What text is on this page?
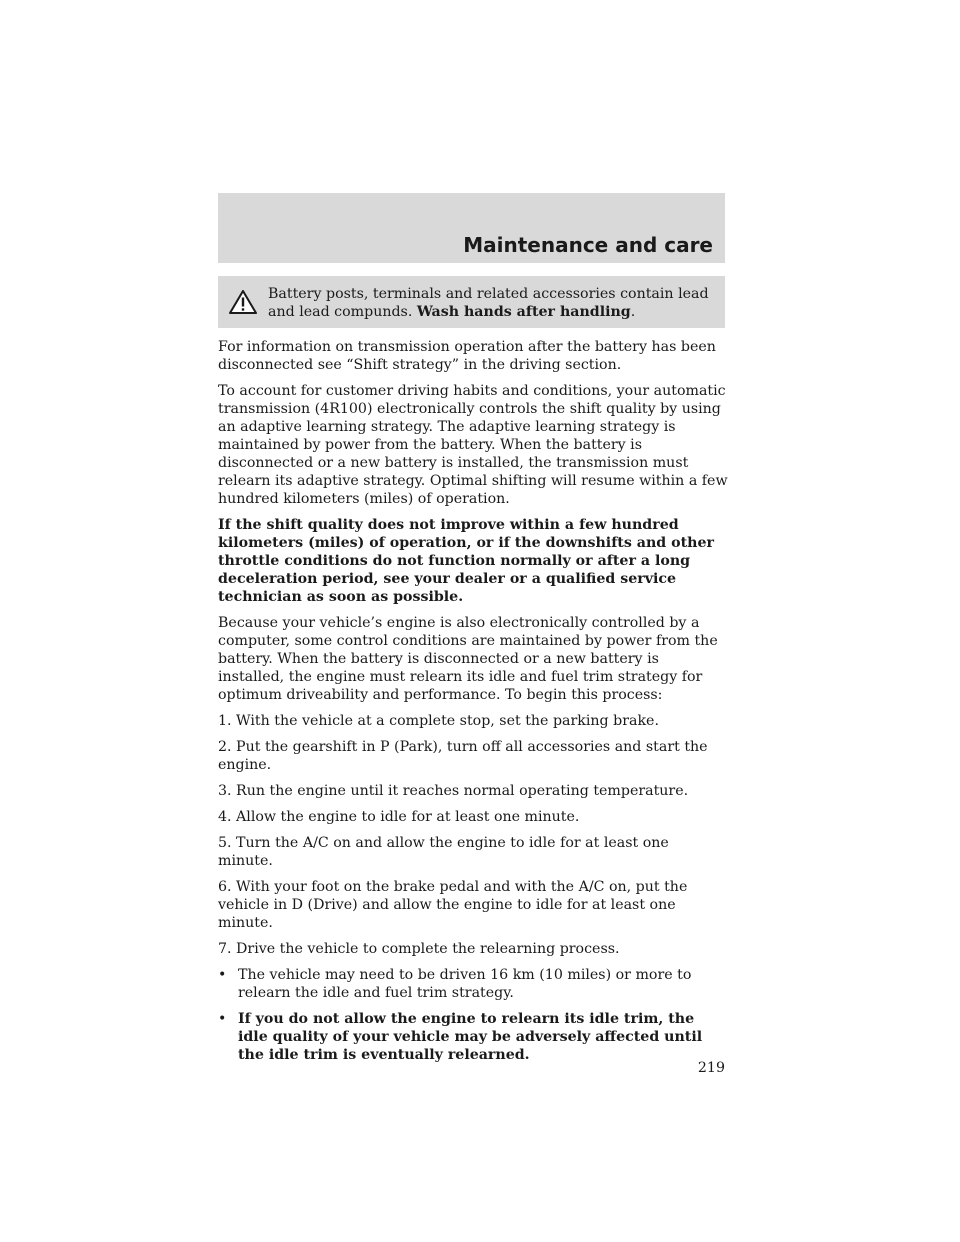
Maintenance and care
Battery posts, terminals and related accessories contain lead and lead compunds. Wash hands after handling.

For information on transmission operation after the battery has been disconnected see “Shift strategy” in the driving section.

To account for customer driving habits and conditions, your automatic transmission (4R100) electronically controls the shift quality by using an adaptive learning strategy. The adaptive learning strategy is maintained by power from the battery. When the battery is disconnected or a new battery is installed, the transmission must relearn its adaptive strategy. Optimal shifting will resume within a few hundred kilometers (miles) of operation.

If the shift quality does not improve within a few hundred kilometers (miles) of operation, or if the downshifts and other throttle conditions do not function normally or after a long deceleration period, see your dealer or a qualified service technician as soon as possible.

Because your vehicle’s engine is also electronically controlled by a computer, some control conditions are maintained by power from the battery. When the battery is disconnected or a new battery is installed, the engine must relearn its idle and fuel trim strategy for optimum driveability and performance. To begin this process:

1. With the vehicle at a complete stop, set the parking brake.

2. Put the gearshift in P (Park), turn off all accessories and start the engine.

3. Run the engine until it reaches normal operating temperature.

4. Allow the engine to idle for at least one minute.

5. Turn the A/C on and allow the engine to idle for at least one minute.

6. With your foot on the brake pedal and with the A/C on, put the vehicle in D (Drive) and allow the engine to idle for at least one minute.

7. Drive the vehicle to complete the relearning process.

• The vehicle may need to be driven 16 km (10 miles) or more to relearn the idle and fuel trim strategy.
• If you do not allow the engine to relearn its idle trim, the idle quality of your vehicle may be adversely affected until the idle trim is eventually relearned.
219
